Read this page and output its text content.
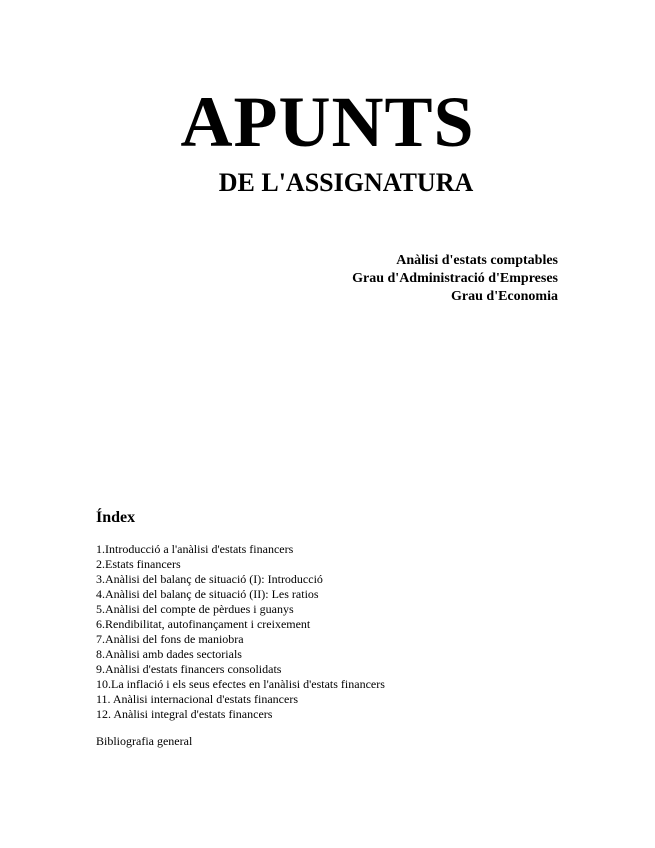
APUNTS
DE L'ASSIGNATURA
Anàlisi d'estats comptables
Grau d'Administració d'Empreses
Grau d'Economia
Índex
1.Introducció a l'anàlisi d'estats financers
2.Estats financers
3.Anàlisi del balanç de situació (I): Introducció
4.Anàlisi del balanç de situació (II): Les ratios
5.Anàlisi del compte de pèrdues i guanys
6.Rendibilitat, autofinançament i creixement
7.Anàlisi del fons de maniobra
8.Anàlisi amb dades sectorials
9.Anàlisi d'estats financers consolidats
10.La inflació i els seus efectes en l'anàlisi d'estats financers
11. Anàlisi internacional d'estats financers
12. Anàlisi integral d'estats financers
Bibliografia general
